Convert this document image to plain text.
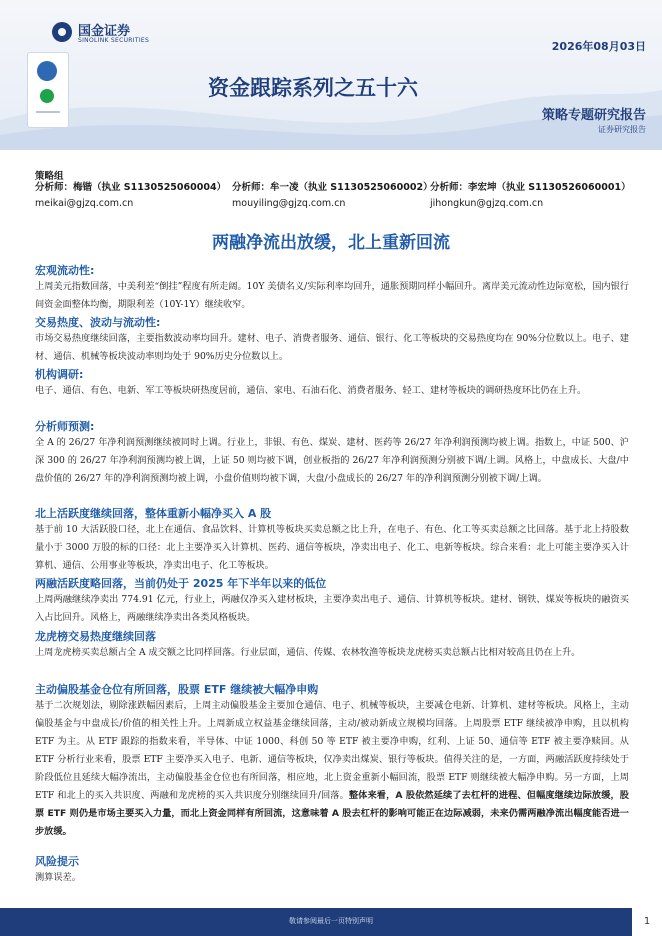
国金证券
SINOLINK SECURITIES	2026年08月03日
资金跟踪系列之五十六
策略专题研究报告
证券研究报告
策略组
分析师：梅锴（执业 S1130525060004）
meikai@gjzq.com.cn
分析师：牟一凌（执业 S1130525060002）
mouyiling@gjzq.com.cn
分析师：李宏坤（执业 S1130526060001）
jihongkun@gjzq.com.cn
两融净流出放缓，北上重新回流
宏观流动性:
上周美元指数回落，中美利差“倒挂”程度有所走阔。10Y 美债名义/实际利率均回升，通胀预期同样小幅回升。离岸美元流动性边际宽松，国内银行间资金面整体均衡，期限利差（10Y-1Y）继续收窄。
交易热度、波动与流动性:
市场交易热度继续回落，主要指数波动率均回升。建材、电子、消费者服务、通信、银行、化工等板块的交易热度均在 90%分位数以上。电子、建材、通信、机械等板块波动率则均处于 90%历史分位数以上。
机构调研:
电子、通信、有色、电新、军工等板块研热度居前，通信、家电、石油石化、消费者服务、轻工、建材等板块的调研热度环比仍在上升。
分析师预测:
全 A 的 26/27 年净利润预测继续被同时上调。行业上，非银、有色、煤炭、建材、医药等 26/27 年净利润预测均被上调。指数上，中证 500、沪深 300 的 26/27 年净利润预测均被上调，上证 50 则均被下调，创业板指的 26/27 年净利润预测分别被下调/上调。风格上，中盘成长、大盘/中盘价值的 26/27 年的净利润预测均被上调，小盘价值则均被下调，大盘/小盘成长的 26/27 年的净利润预测分别被下调/上调。
北上活跃度继续回落，整体重新小幅净买入 A 股
基于前 10 大活跃股口径，北上在通信、食品饮料、计算机等板块买卖总额之比上升，在电子、有色、化工等买卖总额之比回落。基于北上持股数量小于 3000 万股的标的口径：北上主要净买入计算机、医药、通信等板块，净卖出电子、化工、电新等板块。综合来看：北上可能主要净买入计算机、通信、公用事业等板块，净卖出电子、化工等板块。
两融活跃度略回落，当前仍处于 2025 年下半年以来的低位
上周两融继续净卖出 774.91 亿元，行业上，两融仅净买入建材板块，主要净卖出电子、通信、计算机等板块。建材、钢铁、煤炭等板块的融资买入占比回升。风格上，两融继续净卖出各类风格板块。
龙虎榜交易热度继续回落
上周龙虎榜买卖总额占全 A 成交额之比同样回落。行业层面，通信、传媒、农林牧渔等板块龙虎榜买卖总额占比相对较高且仍在上升。
主动偏股基金仓位有所回落，股票 ETF 继续被大幅净申购
基于二次规划法，剔除涨跌幅因素后，上周主动偏股基金主要加仓通信、电子、机械等板块，主要减仓电新、计算机、建材等板块。风格上，主动偏股基金与中盘成长/价值的相关性上升。上周新成立权益基金继续回落，主动/被动新成立规模均回落。上周股票 ETF 继续被净申购，且以机构 ETF 为主。从 ETF 跟踪的指数来看，半导体、中证 1000、科创 50 等 ETF 被主要净申购，红利、上证 50、通信等 ETF 被主要净赎回。从 ETF 分析行业来看，股票 ETF 主要净买入电子、电新、通信等板块，仅净卖出煤炭、银行等板块。值得关注的是，一方面，两融活跃度持续处于阶段低位且延续大幅净流出，主动偏股基金仓位也有所回落，相应地，北上资金重新小幅回流，股票 ETF 则继续被大幅净申购。另一方面，上周 ETF 和北上的买入共识度、两融和龙虎榜的买入共识度分别继续回升/回落。整体来看，A 股依然延续了去杠杆的进程、但幅度继续边际放缓，股票 ETF 则仍是市场主要买入力量，而北上资金同样有所回流，这意味着 A 股去杠杆的影响可能正在边际减弱，未来仍需两融净流出幅度能否进一步放缓。
风险提示
测算误差。
敬请参阅最后一页特别声明	1
